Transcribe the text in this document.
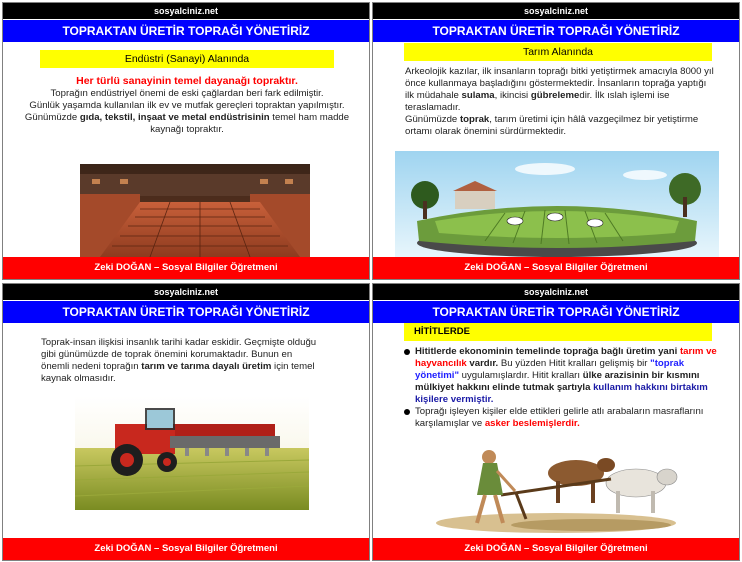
sosyalciniz.net
TOPRAKTAN ÜRETİR TOPRAĞI YÖNETİRİZ
Endüstri (Sanayi) Alanında
Her türlü sanayinin temel dayanağı topraktır.
Toprağın endüstriyel önemi de eski çağlardan beri fark edilmiştir.
Günlük yaşamda kullanılan ilk ev ve mutfak gereçleri topraktan yapılmıştır.
Günümüzde gıda, tekstil, inşaat ve metal endüstrisinin temel ham madde kaynağı topraktır.
Zeki DOĞAN – Sosyal Bilgiler Öğretmeni
sosyalciniz.net
TOPRAKTAN ÜRETİR TOPRAĞI YÖNETİRİZ
Tarım Alanında
Arkeolojik kazılar, ilk insanların toprağı bitki yetiştirmek amacıyla 8000 yıl önce kullanmaya başladığını göstermektedir. İnsanların toprağa yaptığı ilk müdahale sulama, ikincisi gübrelemedir. İlk ıslah işlemi ise teraslamadır.
Günümüzde toprak, tarım üretimi için hâlâ vazgeçilmez bir yetiştirme ortamı olarak önemini sürdürmektedir.
Zeki DOĞAN – Sosyal Bilgiler Öğretmeni
sosyalciniz.net
TOPRAKTAN ÜRETİR TOPRAĞI YÖNETİRİZ
Toprak-insan ilişkisi insanlık tarihi kadar eskidir. Geçmişte olduğu gibi günümüzde de toprak önemini korumaktadır. Bunun en önemli nedeni toprağın tarım ve tarıma dayalı üretim için temel kaynak olmasıdır.
Zeki DOĞAN – Sosyal Bilgiler Öğretmeni
sosyalciniz.net
TOPRAKTAN ÜRETİR TOPRAĞI YÖNETİRİZ
HİTİTLERDE
Hititlerde ekonominin temelinde toprağa bağlı üretim yani tarım ve hayvancılık vardır. Bu yüzden Hitit kralları gelişmiş bir "toprak yönetimi" uygulamışlardır. Hitit kralları ülke arazisinin bir kısmını mülkiyet hakkını elinde tutmak şartıyla kullanım hakkını birtakım kişilere vermiştir.
Toprağı işleyen kişiler elde ettikleri gelirle atlı arabaların masraflarını karşılamışlar ve asker beslemişlerdir.
Zeki DOĞAN – Sosyal Bilgiler Öğretmeni
